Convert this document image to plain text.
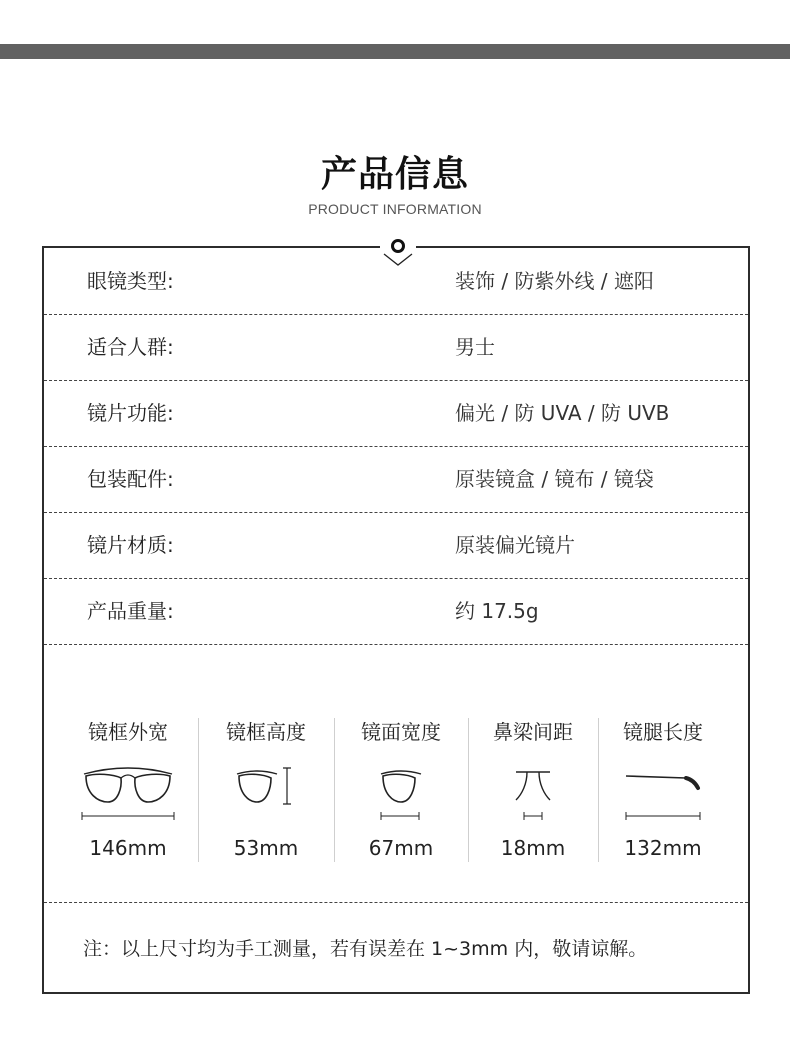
产品信息
PRODUCT INFORMATION
眼镜类型:	装饰 / 防紫外线 / 遮阳
适合人群:	男士
镜片功能:	偏光 / 防 UVA / 防 UVB
包装配件:	原装镜盒 / 镜布 / 镜袋
镜片材质:	原装偏光镜片
产品重量:	约 17.5g
镜框外宽
146mm
镜框高度
53mm
镜面宽度
67mm
鼻梁间距
18mm
镜腿长度
132mm
注：以上尺寸均为手工测量，若有误差在 1~3mm 内，敬请谅解。
